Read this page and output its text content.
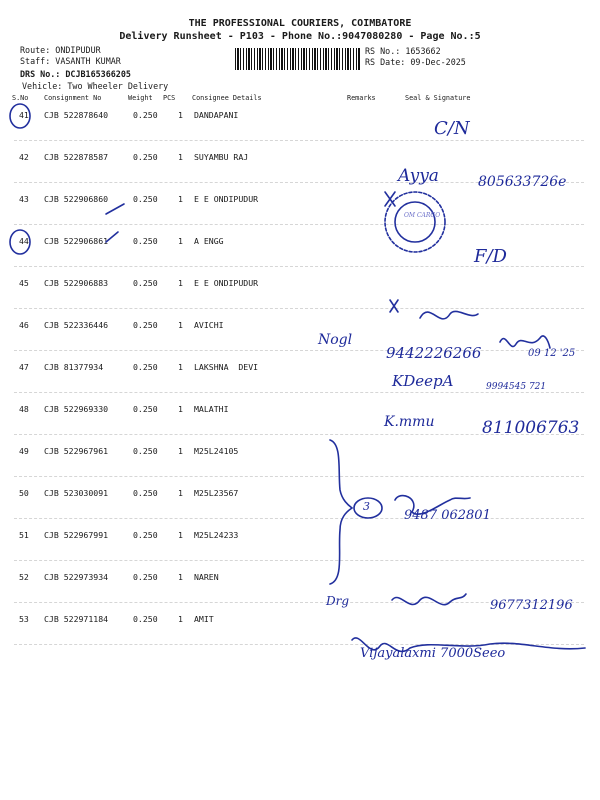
THE PROFESSIONAL COURIERS, COIMBATORE
Delivery Runsheet - P103 - Phone No.:9047080280 - Page No.:5
Route: ONDIPUDUR
Staff: VASANTH KUMAR
DRS No.: DCJB165366205
Vehicle: Two Wheeler Delivery
RS No.: 1653662
RS Date: 09-Dec-2025
S.No Consignment No	Weight PCS Consignee Details	Remarks	Seal & Signature
41 CJB 522878640	0.250 1 DANDAPANI
42 CJB 522878587	0.250 1 SUYAMBU RAJ
43 CJB 522906860	0.250 1 E E ONDIPUDUR
44 CJB 522906861	0.250 1 A ENGG
45 CJB 522906883	0.250 1 E E ONDIPUDUR
46 CJB 522336446	0.250 1 AVICHI
47 CJB 81377934	0.250 1 LAKSHNA  DEVI
48 CJB 522969330	0.250 1 MALATHI
49 CJB 522967961	0.250 1 M25L24105
50 CJB 523030091	0.250 1 M25L23567
51 CJB 522967991	0.250 1 M25L24233
52 CJB 522973934	0.250 1 NAREN
53 CJB 522971184	0.250 1 AMIT
C/N
Ayya	805633726e
OM CARGO
F/D
Nogl
9442226266	09 12 '25
KDeepA	9994545 721
K.mmu	811006763
3
9487 062801
Drg	9677312196
Vijayalaxmi 7000Seeo
